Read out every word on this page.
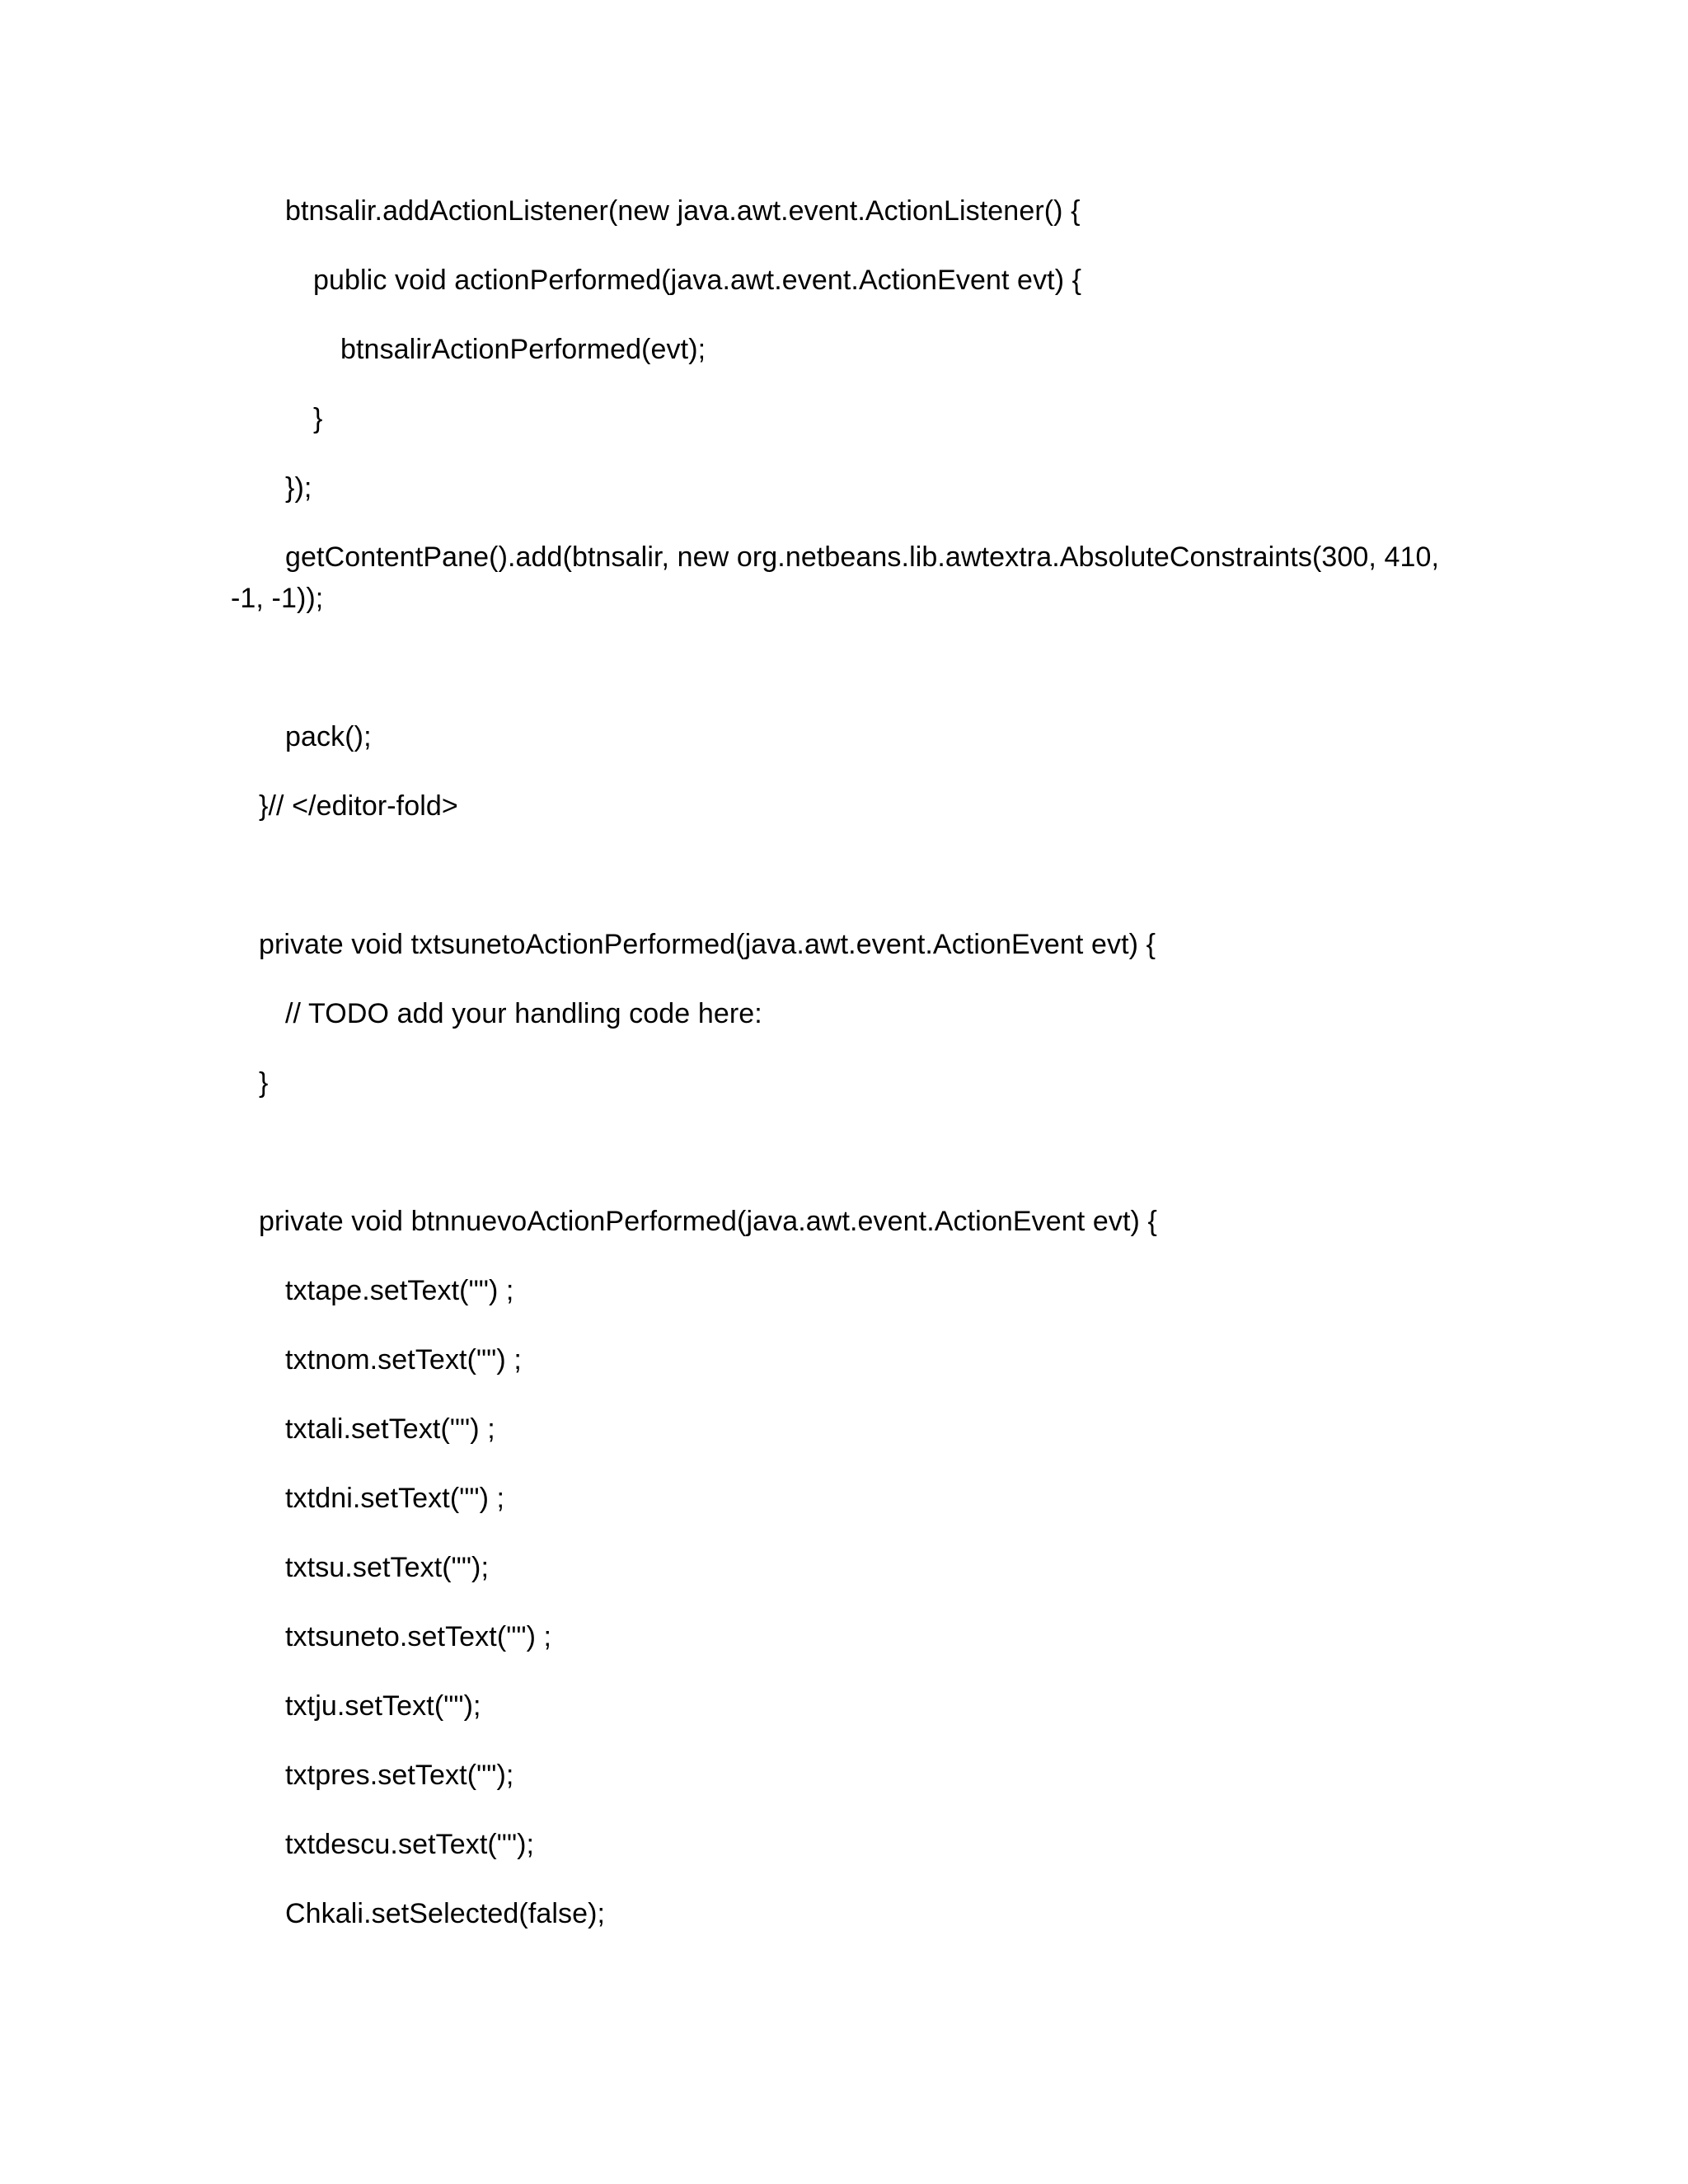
btnsalir.addActionListener(new java.awt.event.ActionListener() {
public void actionPerformed(java.awt.event.ActionEvent evt) {
btnsalirActionPerformed(evt);
}
});
getContentPane().add(btnsalir, new org.netbeans.lib.awtextra.AbsoluteConstraints(300, 410,
-1, -1));
pack();
}// </editor-fold>
private void txtsunetoActionPerformed(java.awt.event.ActionEvent evt) {
// TODO add your handling code here:
}
private void btnnuevoActionPerformed(java.awt.event.ActionEvent evt) {
txtape.setText("") ;
txtnom.setText("") ;
txtali.setText("") ;
txtdni.setText("") ;
txtsu.setText("");
txtsuneto.setText("") ;
txtju.setText("");
txtpres.setText("");
txtdescu.setText("");
Chkali.setSelected(false);
